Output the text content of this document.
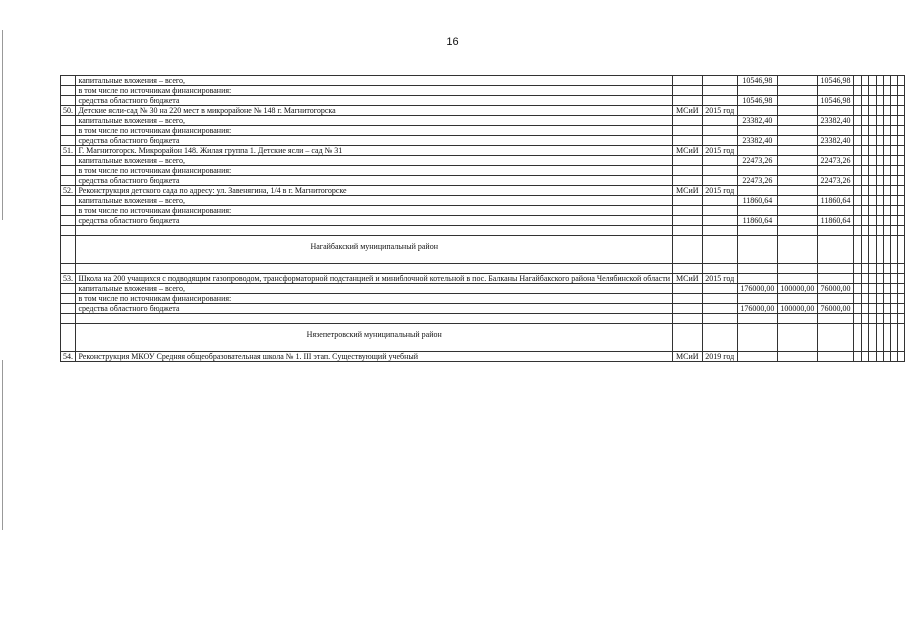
16
	капитальные вложения – всего,			10546,98		10546,98							
	в том числе по источникам финансирования:												
	средства областного бюджета			10546,98		10546,98							
50.	Детские ясли-сад № 30 на 220 мест в микрорайоне № 148 г. Магнитогорска	МСиИ	2015 год										
	капитальные вложения – всего,			23382,40		23382,40							
	в том числе по источникам финансирования:												
	средства областного бюджета			23382,40		23382,40							
51.	Г. Магнитогорск. Микрорайон 148. Жилая группа 1. Детские ясли – сад № 31	МСиИ	2015 год										
	капитальные вложения – всего,			22473,26		22473,26							
	в том числе по источникам финансирования:												
	средства областного бюджета			22473,26		22473,26							
52.	Реконструкция детского сада по адресу: ул. Завенягина, 1/4 в г. Магнитогорске	МСиИ	2015 год										
	капитальные вложения – всего,			11860,64		11860,64							
	в том числе по источникам финансирования:												
	средства областного бюджета			11860,64		11860,64							

	Нагайбакский муниципальный район												

53.	Школа на 200 учащихся с подводящим газопроводом, трансформаторной подстанцией и миниблочной котельной в пос. Балканы Нагайбакского района Челябинской области	МСиИ	2015 год										
	капитальные вложения – всего,			176000,00	100000,00	76000,00							
	в том числе по источникам финансирования:												
	средства областного бюджета			176000,00	100000,00	76000,00							

	Нязепетровский муниципальный район												
54.	Реконструкция МКОУ Средняя общеобразовательная школа № 1. III этап. Существующий учебный	МСиИ	2019 год										
